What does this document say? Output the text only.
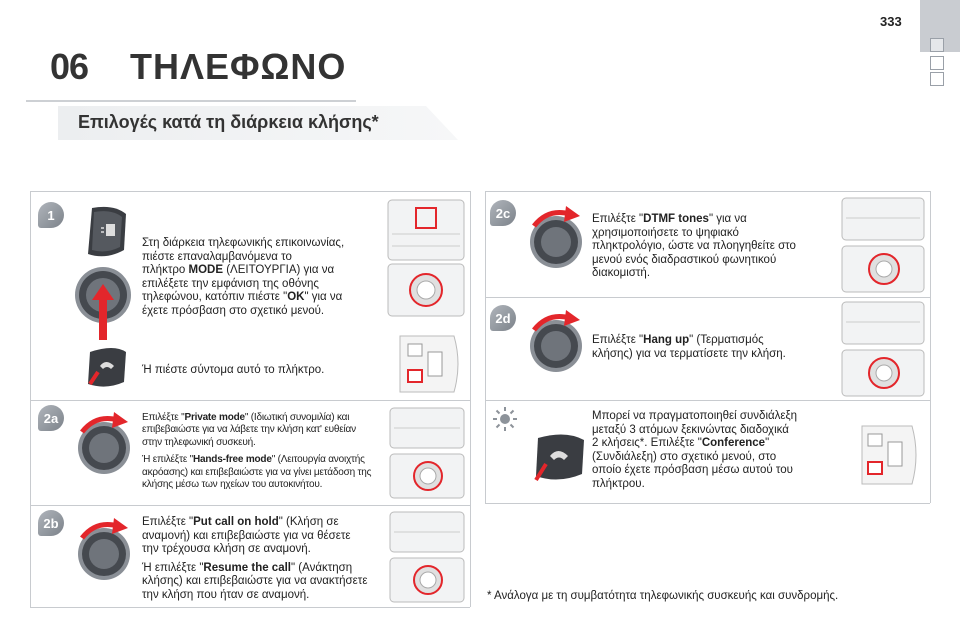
333
06 ΤΗΛΕΦΩΝΟ
Επιλογές κατά τη διάρκεια κλήσης*
1
Στη διάρκεια τηλεφωνικής επικοινωνίας,
πιέστε επαναλαμβανόμενα το
πλήκτρο MODE (ΛΕΙΤΟΥΡΓΙΑ) για να
επιλέξετε την εμφάνιση της οθόνης
τηλεφώνου, κατόπιν πιέστε "OK" για να
έχετε πρόσβαση στο σχετικό μενού.
Ή πιέστε σύντομα αυτό το πλήκτρο.
2a	Επιλέξτε "Private mode" (Ιδιωτική συνομιλία) και
επιβεβαιώστε για να λάβετε την κλήση κατ' ευθείαν
στην τηλεφωνική συσκευή.
Ή επιλέξτε "Hands-free mode" (Λειτουργία ανοιχτής
ακρόασης) και επιβεβαιώστε για να γίνει μετάδοση της
κλήσης μέσω των ηχείων του αυτοκινήτου.
2b	Επιλέξτε "Put call on hold" (Κλήση σε
αναμονή) και επιβεβαιώστε για να θέσετε
την τρέχουσα κλήση σε αναμονή.
Ή επιλέξτε "Resume the call" (Ανάκτηση
κλήσης) και επιβεβαιώστε για να ανακτήσετε
την κλήση που ήταν σε αναμονή.
2c	Επιλέξτε "DTMF tones" για να
χρησιμοποιήσετε το ψηφιακό
πληκτρολόγιο, ώστε να πλοηγηθείτε στο
μενού ενός διαδραστικού φωνητικού
διακομιστή.
2d
Επιλέξτε "Hang up" (Τερματισμός
κλήσης) για να τερματίσετε την κλήση.
Μπορεί να πραγματοποιηθεί συνδιάλεξη
μεταξύ 3 ατόμων ξεκινώντας διαδοχικά
2 κλήσεις*. Επιλέξτε "Conference"
(Συνδιάλεξη) στο σχετικό μενού, στο
οποίο έχετε πρόσβαση μέσω αυτού του
πλήκτρου.
* Ανάλογα με τη συμβατότητα τηλεφωνικής συσκευής και συνδρομής.
